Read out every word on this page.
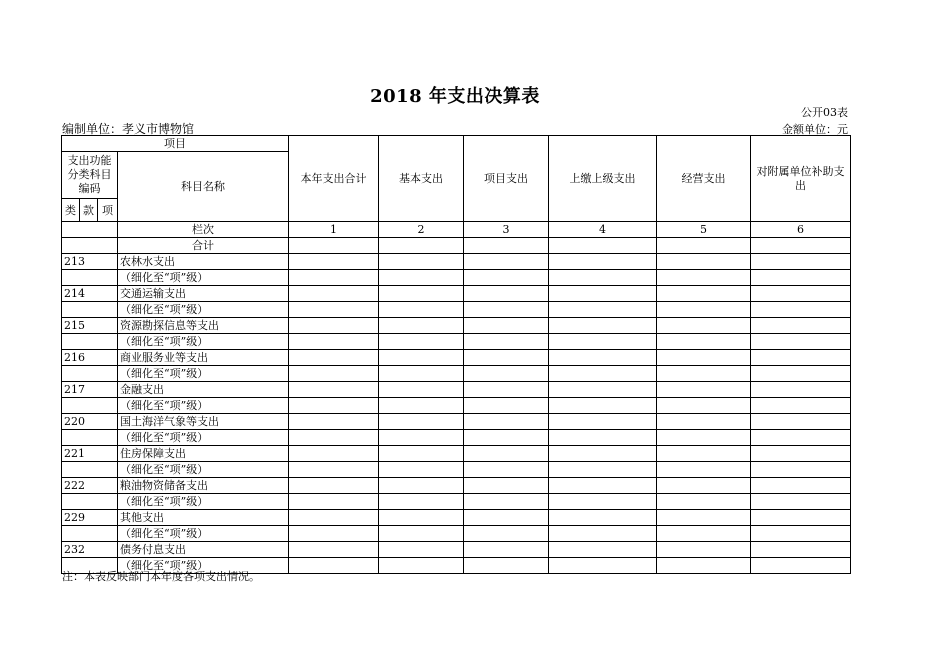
2018 年支出决算表
公开03表
编制单位：孝义市博物馆	金额单位：元
项目				本年支出合计	基本支出	项目支出	上缴上级支出	经营支出	对附属单位补助支出
支出功能分类科目编码			科目名称						
类	款	项							
			栏次	1	2	3	4	5	6
			合计						
213			农林水支出						
			（细化至“项”级）						
214			交通运输支出						
			（细化至“项”级）						
215			资源勘探信息等支出						
			（细化至“项”级）						
216			商业服务业等支出						
			（细化至“项”级）						
217			金融支出						
			（细化至“项”级）						
220			国土海洋气象等支出						
			（细化至“项”级）						
221			住房保障支出						
			（细化至“项”级）						
222			粮油物资储备支出						
			（细化至“项”级）						
229			其他支出						
			（细化至“项”级）						
232			债务付息支出						
			（细化至“项”级）						
注：本表反映部门本年度各项支出情况。
